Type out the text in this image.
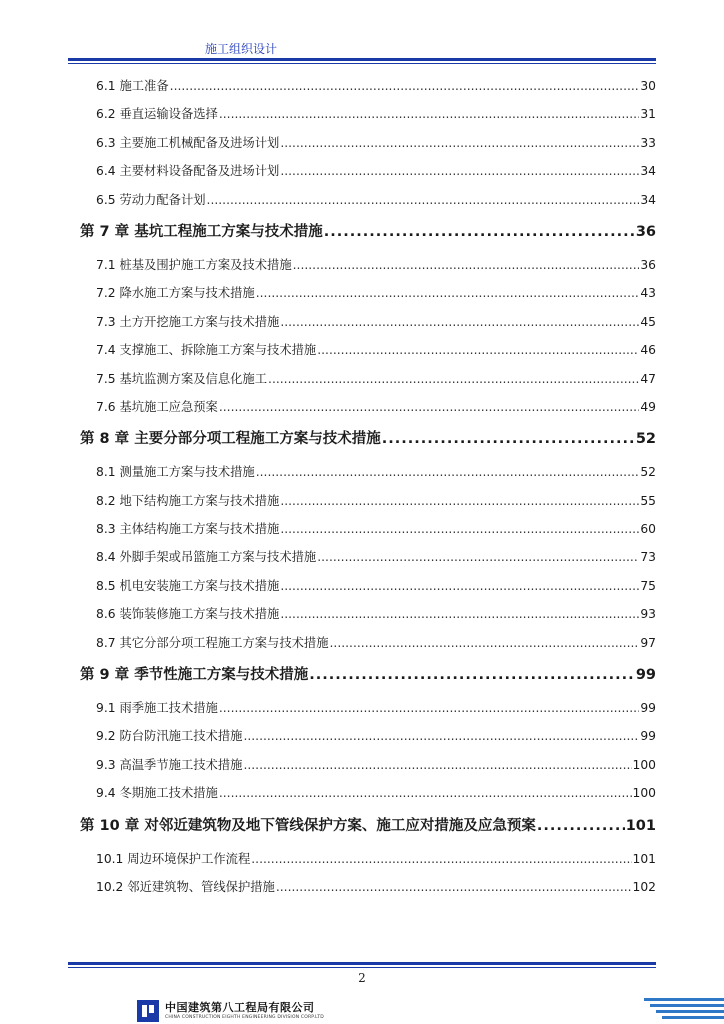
施工组织设计
6.1 施工准备 .....	30
6.2 垂直运输设备选择 .....	31
6.3 主要施工机械配备及进场计划 .....	33
6.4 主要材料设备配备及进场计划 .....	34
6.5 劳动力配备计划 .....	34
第 7 章 基坑工程施工方案与技术措施 .....	36
7.1 桩基及围护施工方案及技术措施 .....	36
7.2 降水施工方案与技术措施 .....	43
7.3 土方开挖施工方案与技术措施 .....	45
7.4 支撑施工、拆除施工方案与技术措施 .....	46
7.5 基坑监测方案及信息化施工 .....	47
7.6 基坑施工应急预案 .....	49
第 8 章 主要分部分项工程施工方案与技术措施 .....	52
8.1 测量施工方案与技术措施 .....	52
8.2 地下结构施工方案与技术措施 .....	55
8.3 主体结构施工方案与技术措施 .....	60
8.4 外脚手架或吊篮施工方案与技术措施 .....	73
8.5 机电安装施工方案与技术措施 .....	75
8.6 装饰装修施工方案与技术措施 .....	93
8.7 其它分部分项工程施工方案与技术措施 .....	97
第 9 章 季节性施工方案与技术措施 .....	99
9.1 雨季施工技术措施 .....	99
9.2 防台防汛施工技术措施 .....	99
9.3 高温季节施工技术措施 .....	100
9.4 冬期施工技术措施 .....	100
第 10 章 对邻近建筑物及地下管线保护方案、施工应对措施及应急预案 .....	101
10.1 周边环境保护工作流程 .....	101
10.2 邻近建筑物、管线保护措施 .....	102
2
中国建筑第八工程局有限公司
CHINA CONSTRUCTION EIGHTH ENGINEERING DIVISION CORP.LTD
